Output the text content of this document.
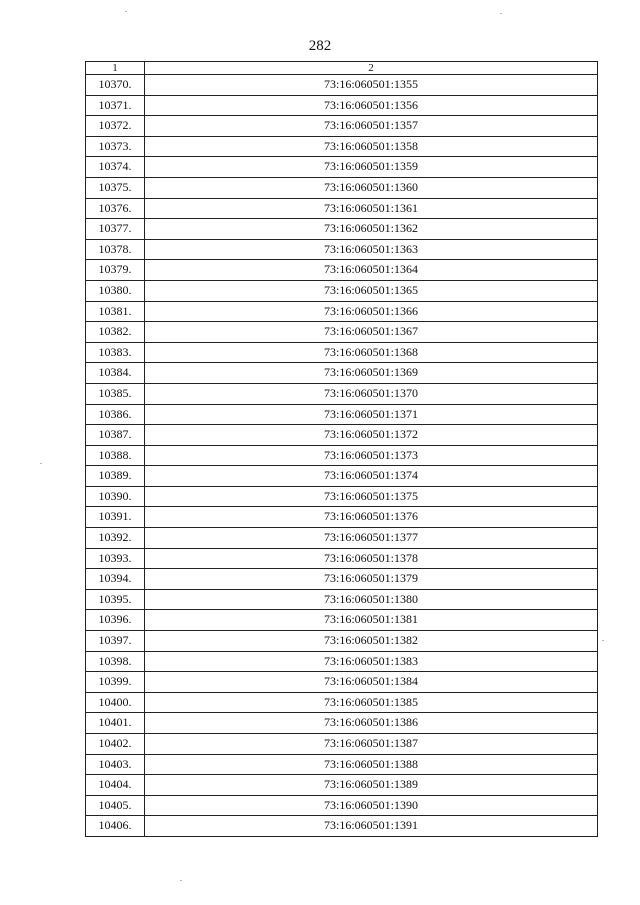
282
1	2
10370.	73:16:060501:1355
10371.	73:16:060501:1356
10372.	73:16:060501:1357
10373.	73:16:060501:1358
10374.	73:16:060501:1359
10375.	73:16:060501:1360
10376.	73:16:060501:1361
10377.	73:16:060501:1362
10378.	73:16:060501:1363
10379.	73:16:060501:1364
10380.	73:16:060501:1365
10381.	73:16:060501:1366
10382.	73:16:060501:1367
10383.	73:16:060501:1368
10384.	73:16:060501:1369
10385.	73:16:060501:1370
10386.	73:16:060501:1371
10387.	73:16:060501:1372
10388.	73:16:060501:1373
10389.	73:16:060501:1374
10390.	73:16:060501:1375
10391.	73:16:060501:1376
10392.	73:16:060501:1377
10393.	73:16:060501:1378
10394.	73:16:060501:1379
10395.	73:16:060501:1380
10396.	73:16:060501:1381
10397.	73:16:060501:1382
10398.	73:16:060501:1383
10399.	73:16:060501:1384
10400.	73:16:060501:1385
10401.	73:16:060501:1386
10402.	73:16:060501:1387
10403.	73:16:060501:1388
10404.	73:16:060501:1389
10405.	73:16:060501:1390
10406.	73:16:060501:1391
